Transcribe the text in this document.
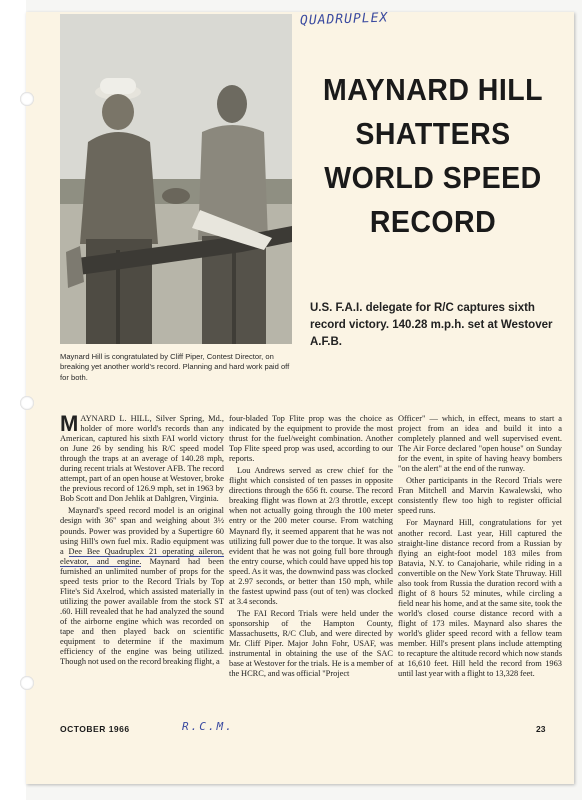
QUADRUPLEX
Maynard Hill is congratulated by Cliff Piper, Contest Director, on breaking yet another world's record. Planning and hard work paid off for both.
MAYNARD HILL
SHATTERS
WORLD SPEED
RECORD
U.S. F.A.I. delegate for R/C captures sixth record victory. 140.28 m.p.h. set at Westover A.F.B.

MAYNARD L. HILL, Silver Spring, Md., holder of more world's records than any American, captured his sixth FAI world victory on June 26 by sending his R/C speed model through the traps at an average of 140.28 mph, during recent trials at Westover AFB. The record attempt, part of an open house at Westover, broke the previous record of 126.9 mph, set in 1963 by Bob Scott and Don Jehlik at Dahlgren, Virginia.

Maynard's speed record model is an original design with 36" span and weighing about 3½ pounds. Power was provided by a Supertigre 60 using Hill's own fuel mix. Radio equipment was a Dee Bee Quadruplex 21 operating aileron, elevator, and engine. Maynard had been furnished an unlimited number of props for the speed tests prior to the Record Trials by Top Flite's Sid Axelrod, which assisted materially in utilizing the power available from the stock ST .60. Hill revealed that he had analyzed the sound of the airborne engine which was recorded on tape and then played back on scientific equipment to determine if the maximum efficiency of the engine was being utilized. Though not used on the record breaking flight, a

four-bladed Top Flite prop was the choice as indicated by the equipment to provide the most thrust for the fuel/weight combination. Another Top Flite speed prop was used, according to our reports.

Lou Andrews served as crew chief for the flight which consisted of ten passes in opposite directions through the 656 ft. course. The record breaking flight was flown at 2/3 throttle, except when not actually going through the 100 meter entry or the 200 meter course. From watching Maynard fly, it seemed apparent that he was not utilizing full power due to the torque. It was also evident that he was not going full bore through the entry course, which could have upped his top speed. As it was, the downwind pass was clocked at 2.97 seconds, or better than 150 mph, while the fastest upwind pass (out of ten) was clocked at 3.4 seconds.

The FAI Record Trials were held under the sponsorship of the Hampton County, Massachusetts, R/C Club, and were directed by Mr. Cliff Piper. Major John Fohr, USAF, was instrumental in obtaining the use of the SAC base at Westover for the trials. He is a member of the HCRC, and was official "Project

Officer" — which, in effect, means to start a project from an idea and build it into a completely planned and well supervised event. The Air Force declared "open house" on Sunday for the event, in spite of having heavy bombers "on the alert" at the end of the runway.

Other participants in the Record Trials were Fran Mitchell and Marvin Kawalewski, who consistently flew too high to register official speed runs.

For Maynard Hill, congratulations for yet another record. Last year, Hill captured the straight-line distance record from a Russian by flying an eight-foot model 183 miles from Batavia, N.Y. to Canajoharie, while riding in a convertible on the New York State Thruway. Hill also took from Russia the duration record with a flight of 8 hours 52 minutes, while circling a field near his home, and at the same site, took the world's closed course distance record with a flight of 173 miles. Maynard also shares the world's glider speed record with a fellow team member. Hill's present plans include attempting to recapture the altitude record which now stands at 16,610 feet. Hill held the record from 1963 until last year with a flight to 13,328 feet.

R.C.M.
OCTOBER 1966	23
